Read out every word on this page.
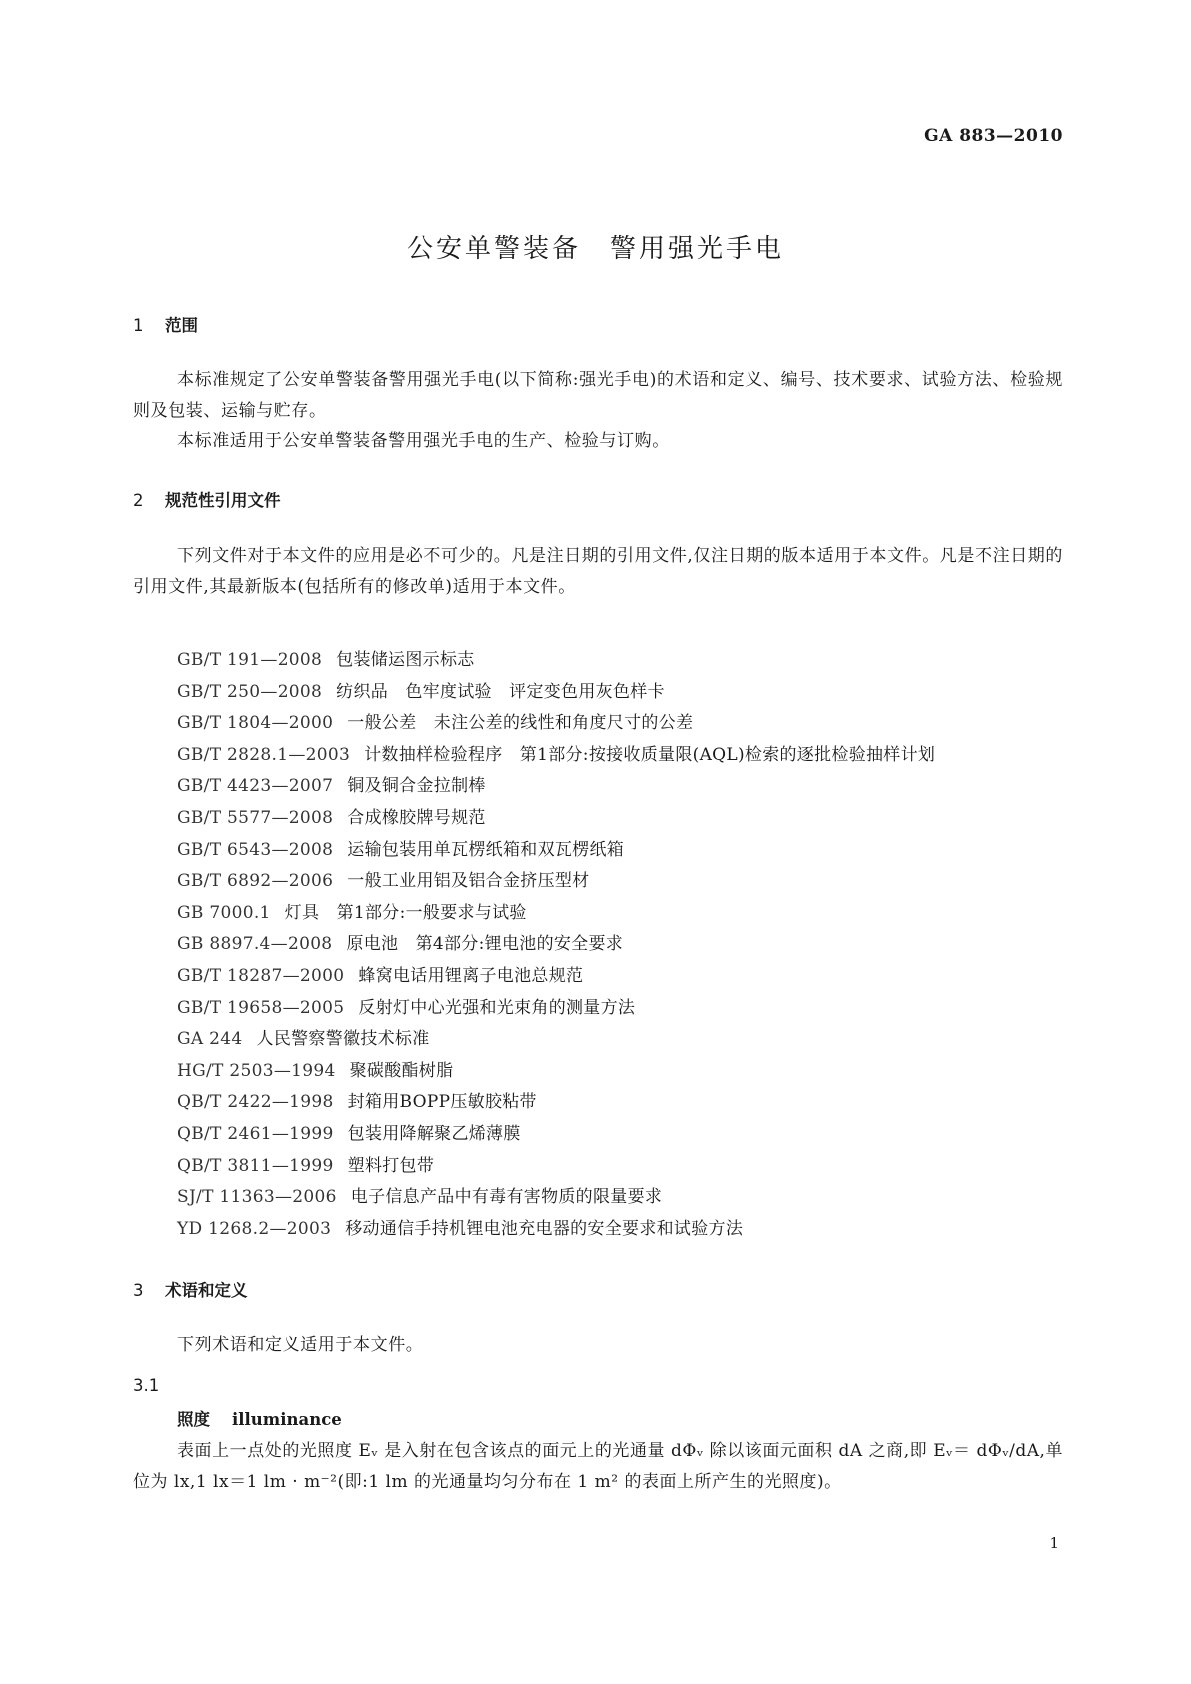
GA 883—2010
公安单警装备　警用强光手电
1 范围
本标准规定了公安单警装备警用强光手电(以下简称:强光手电)的术语和定义、编号、技术要求、试验方法、检验规则及包装、运输与贮存。
本标准适用于公安单警装备警用强光手电的生产、检验与订购。
2 规范性引用文件
下列文件对于本文件的应用是必不可少的。凡是注日期的引用文件,仅注日期的版本适用于本文件。凡是不注日期的引用文件,其最新版本(包括所有的修改单)适用于本文件。
GB/T 191—2008 包装储运图示标志
GB/T 250—2008 纺织品　色牢度试验　评定变色用灰色样卡
GB/T 1804—2000 一般公差　未注公差的线性和角度尺寸的公差
GB/T 2828.1—2003 计数抽样检验程序　第1部分:按接收质量限(AQL)检索的逐批检验抽样计划
GB/T 4423—2007 铜及铜合金拉制棒
GB/T 5577—2008 合成橡胶牌号规范
GB/T 6543—2008 运输包装用单瓦楞纸箱和双瓦楞纸箱
GB/T 6892—2006 一般工业用铝及铝合金挤压型材
GB 7000.1 灯具　第1部分:一般要求与试验
GB 8897.4—2008 原电池　第4部分:锂电池的安全要求
GB/T 18287—2000 蜂窝电话用锂离子电池总规范
GB/T 19658—2005 反射灯中心光强和光束角的测量方法
GA 244 人民警察警徽技术标准
HG/T 2503—1994 聚碳酸酯树脂
QB/T 2422—1998 封箱用BOPP压敏胶粘带
QB/T 2461—1999 包装用降解聚乙烯薄膜
QB/T 3811—1999 塑料打包带
SJ/T 11363—2006 电子信息产品中有毒有害物质的限量要求
YD 1268.2—2003 移动通信手持机锂电池充电器的安全要求和试验方法
3 术语和定义
下列术语和定义适用于本文件。
3.1
照度 illuminance
表面上一点处的光照度 Eᵥ 是入射在包含该点的面元上的光通量 dΦᵥ 除以该面元面积 dA 之商,即 Eᵥ＝ dΦᵥ/dA,单位为 lx,1 lx＝1 lm · m⁻²(即:1 lm 的光通量均匀分布在 1 m² 的表面上所产生的光照度)。
1
